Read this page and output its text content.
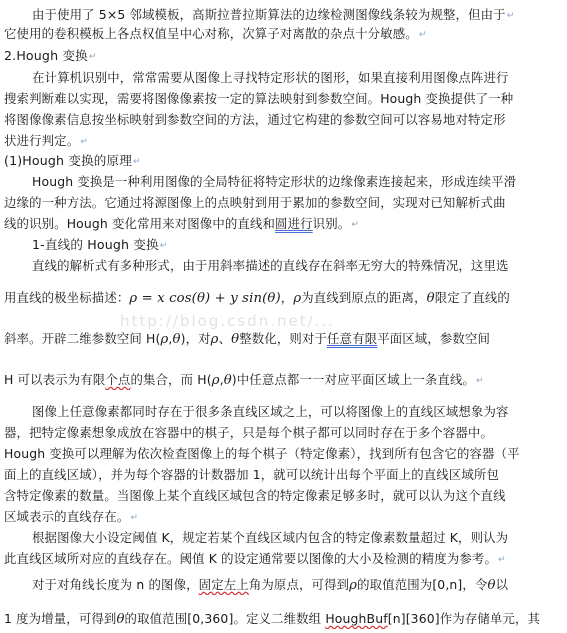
由于使用了 5×5 邻域模板，高斯拉普拉斯算法的边缘检测图像线条较为规整，但由于↵
它使用的卷积模板上各点权值呈中心对称，次算子对离散的杂点十分敏感。↵
2.Hough 变换↵
在计算机识别中，常常需要从图像上寻找特定形状的图形，如果直接利用图像点阵进行
搜索判断难以实现，需要将图像像素按一定的算法映射到参数空间。Hough 变换提供了一种
将图像像素信息按坐标映射到参数空间的方法，通过它构建的参数空间可以容易地对特定形
状进行判定。↵
(1)Hough 变换的原理↵
Hough 变换是一种利用图像的全局特征将特定形状的边缘像素连接起来，形成连续平滑
边缘的一种方法。它通过将源图像上的点映射到用于累加的参数空间，实现对已知解析式曲
线的识别。Hough 变化常用来对图像中的直线和圆进行识别。↵
1-直线的 Hough 变换↵
直线的解析式有多种形式，由于用斜率描述的直线存在斜率无穷大的特殊情况，这里选
用直线的极坐标描述：ρ = x cos(θ) + y sin(θ)，ρ为直线到原点的距离，θ限定了直线的
斜率。开辟二维参数空间 H(ρ,θ)，对ρ、θ整数化，则对于任意有限平面区域，参数空间
H 可以表示为有限个点的集合，而 H(ρ,θ)中任意点都一一对应平面区域上一条直线。↵
图像上任意像素都同时存在于很多条直线区域之上，可以将图像上的直线区域想象为容
器，把特定像素想象成放在容器中的棋子，只是每个棋子都可以同时存在于多个容器中。
Hough 变换可以理解为依次检查图像上的每个棋子（特定像素），找到所有包含它的容器（平
面上的直线区域），并为每个容器的计数器加 1，就可以统计出每个平面上的直线区域所包
含特定像素的数量。当图像上某个直线区域包含的特定像素足够多时，就可以认为这个直线
区域表示的直线存在。↵
根据图像大小设定阈值 K，规定若某个直线区域内包含的特定像素数量超过 K，则认为
此直线区域所对应的直线存在。阈值 K 的设定通常要以图像的大小及检测的精度为参考。↵
对于对角线长度为 n 的图像，固定左上角为原点，可得到ρ的取值范围为[0,n]，令θ以
1 度为增量，可得到θ的取值范围[0,360]。定义二维数组 HoughBuf[n][360]作为存储单元，其
http://blog.csdn.net/...
